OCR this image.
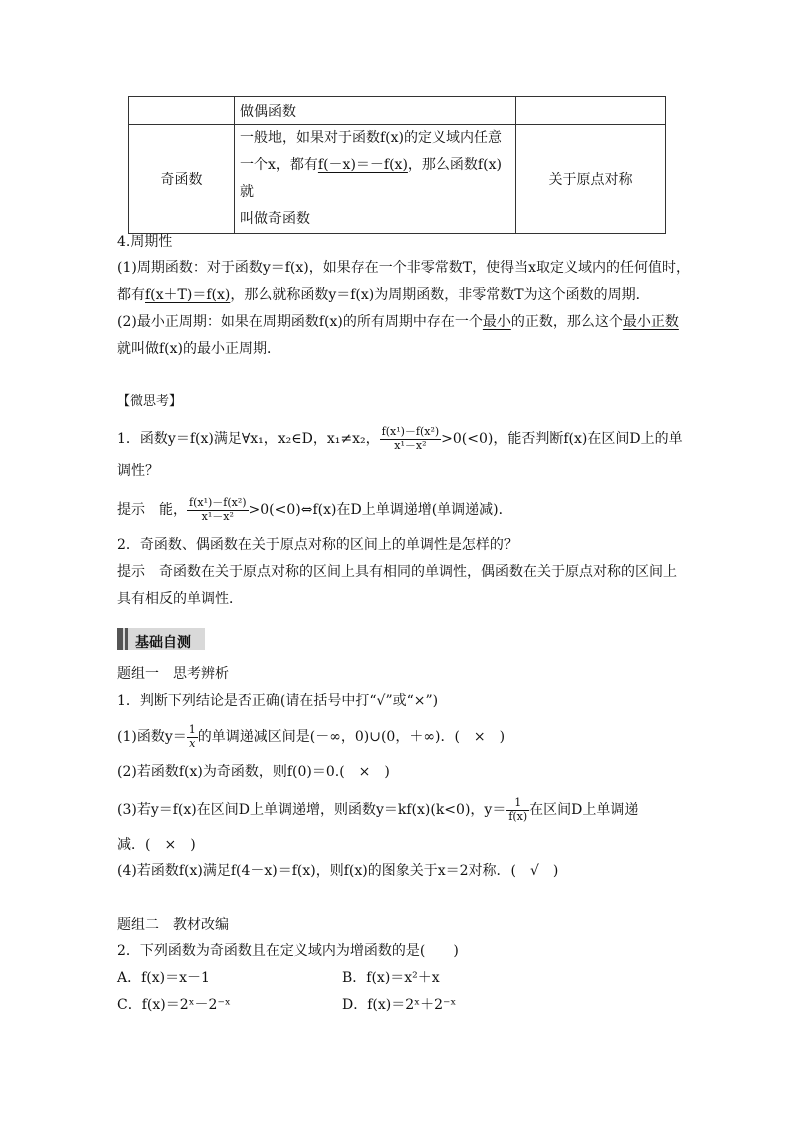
	做偶函数	
奇函数	一般地，如果对于函数f(x)的定义域内任意
一个x，都有f(－x)＝－f(x)，那么函数f(x)就
叫做奇函数	关于原点对称
4.周期性
(1)周期函数：对于函数y＝f(x)，如果存在一个非零常数T，使得当x取定义域内的任何值时，
都有f(x＋T)＝f(x)，那么就称函数y＝f(x)为周期函数，非零常数T为这个函数的周期．
(2)最小正周期：如果在周期函数f(x)的所有周期中存在一个最小的正数，那么这个最小正数
就叫做f(x)的最小正周期．
【微思考】
1．函数y＝f(x)满足∀x₁，x₂∈D，x₁≠x₂， $\frac{\text{f(x¹)－f(x²)}}{\text{x¹－x²}} >0(<0)$，能否判断f(x)在区间D上的单
调性？
提示　能， $\frac{\text{f(x¹)－f(x²)}}{\text{x¹－x²}}$ >0(<0)⇔f(x)在D上单调递增(单调递减)．
2．奇函数、偶函数在关于原点对称的区间上的单调性是怎样的？
提示　奇函数在关于原点对称的区间上具有相同的单调性，偶函数在关于原点对称的区间上
具有相反的单调性．
基础自测
题组一　思考辨析
1．判断下列结论是否正确(请在括号中打“√”或“×”)
(1)函数$y= \frac{1}{x}$ 的单调递减区间是(－∞，0)∪(0，＋∞)．(　×　)
(2)若函数f(x)为奇函数，则f(0)＝0.(　×　)
(3)若y＝f(x)在区间D上单调递增，则函数y＝kf(x)(k<0)，$y= \frac{1}{f(x)}$ 在区间D上单调递
减．(　×　)
(4)若函数f(x)满足f(4－x)＝f(x)，则f(x)的图象关于x＝2对称．(　√　)
题组二　教材改编
2．下列函数为奇函数且在定义域内为增函数的是(　　)
A．f(x)＝x－1	B．f(x)＝x²＋x
C．f(x)＝2ˣ－2⁻ˣ	D．f(x)＝2ˣ＋2⁻ˣ
